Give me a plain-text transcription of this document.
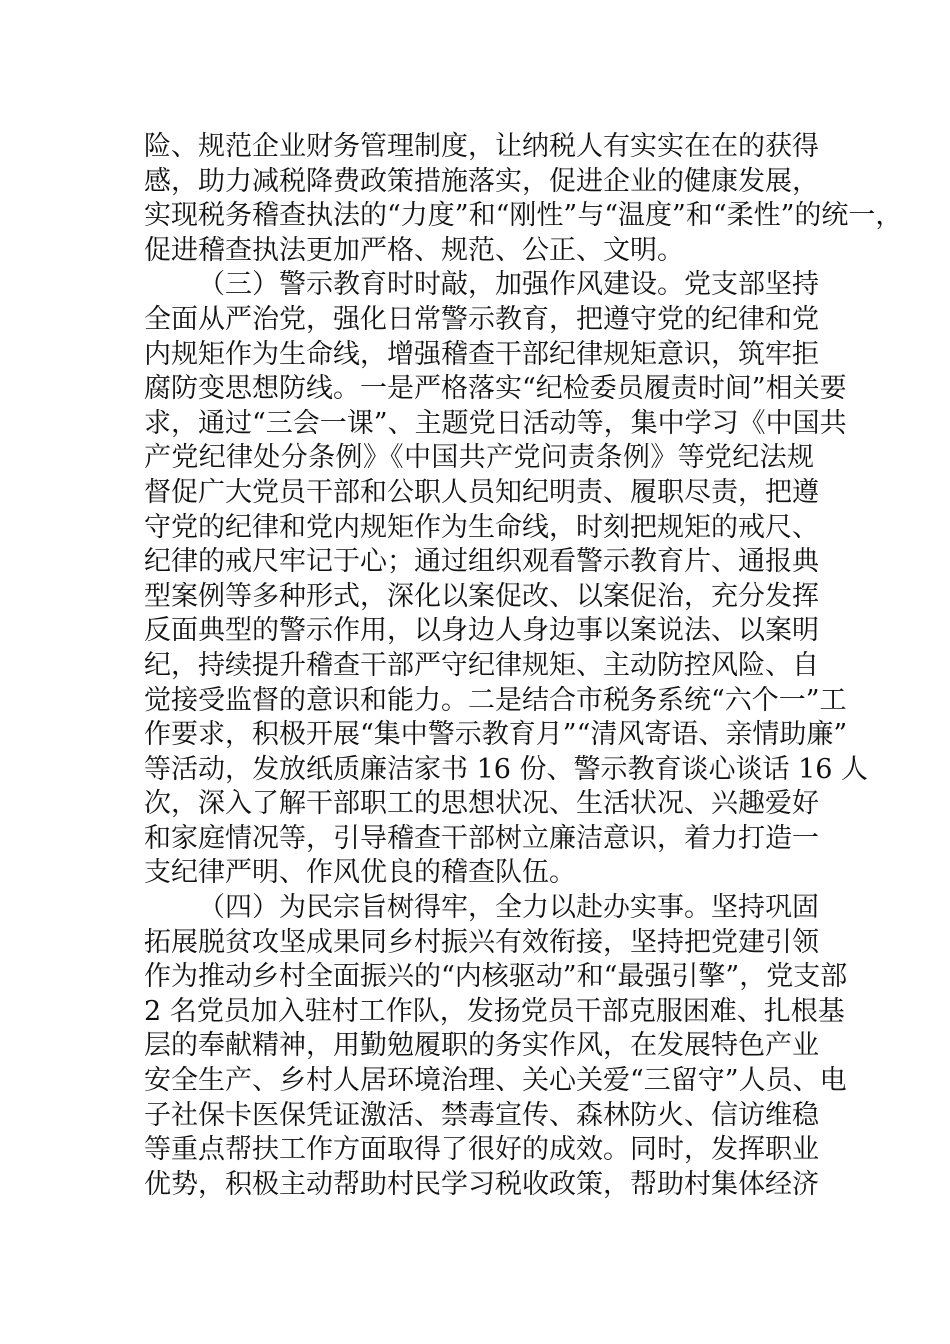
险、规范企业财务管理制度，让纳税人有实实在在的获得
感，助力减税降费政策措施落实，促进企业的健康发展，
实现税务稽查执法的“力度”和“刚性”与“温度”和“柔性”的统一，
促进稽查执法更加严格、规范、公正、文明。
（三）警示教育时时敲，加强作风建设。党支部坚持
全面从严治党，强化日常警示教育，把遵守党的纪律和党
内规矩作为生命线，增强稽查干部纪律规矩意识，筑牢拒
腐防变思想防线。一是严格落实“纪检委员履责时间”相关要
求，通过“三会一课”、主题党日活动等，集中学习《中国共
产党纪律处分条例》《中国共产党问责条例》等党纪法规
督促广大党员干部和公职人员知纪明责、履职尽责，把遵
守党的纪律和党内规矩作为生命线，时刻把规矩的戒尺、
纪律的戒尺牢记于心；通过组织观看警示教育片、通报典
型案例等多种形式，深化以案促改、以案促治，充分发挥
反面典型的警示作用，以身边人身边事以案说法、以案明
纪，持续提升稽查干部严守纪律规矩、主动防控风险、自
觉接受监督的意识和能力。二是结合市税务系统“六个一”工
作要求，积极开展“集中警示教育月”“清风寄语、亲情助廉”
等活动，发放纸质廉洁家书 16 份、警示教育谈心谈话 16 人
次，深入了解干部职工的思想状况、生活状况、兴趣爱好
和家庭情况等，引导稽查干部树立廉洁意识，着力打造一
支纪律严明、作风优良的稽查队伍。
（四）为民宗旨树得牢，全力以赴办实事。坚持巩固
拓展脱贫攻坚成果同乡村振兴有效衔接，坚持把党建引领
作为推动乡村全面振兴的“内核驱动”和“最强引擎”，党支部
2 名党员加入驻村工作队，发扬党员干部克服困难、扎根基
层的奉献精神，用勤勉履职的务实作风，在发展特色产业
安全生产、乡村人居环境治理、关心关爱“三留守”人员、电
子社保卡医保凭证激活、禁毒宣传、森林防火、信访维稳
等重点帮扶工作方面取得了很好的成效。同时，发挥职业
优势，积极主动帮助村民学习税收政策，帮助村集体经济
